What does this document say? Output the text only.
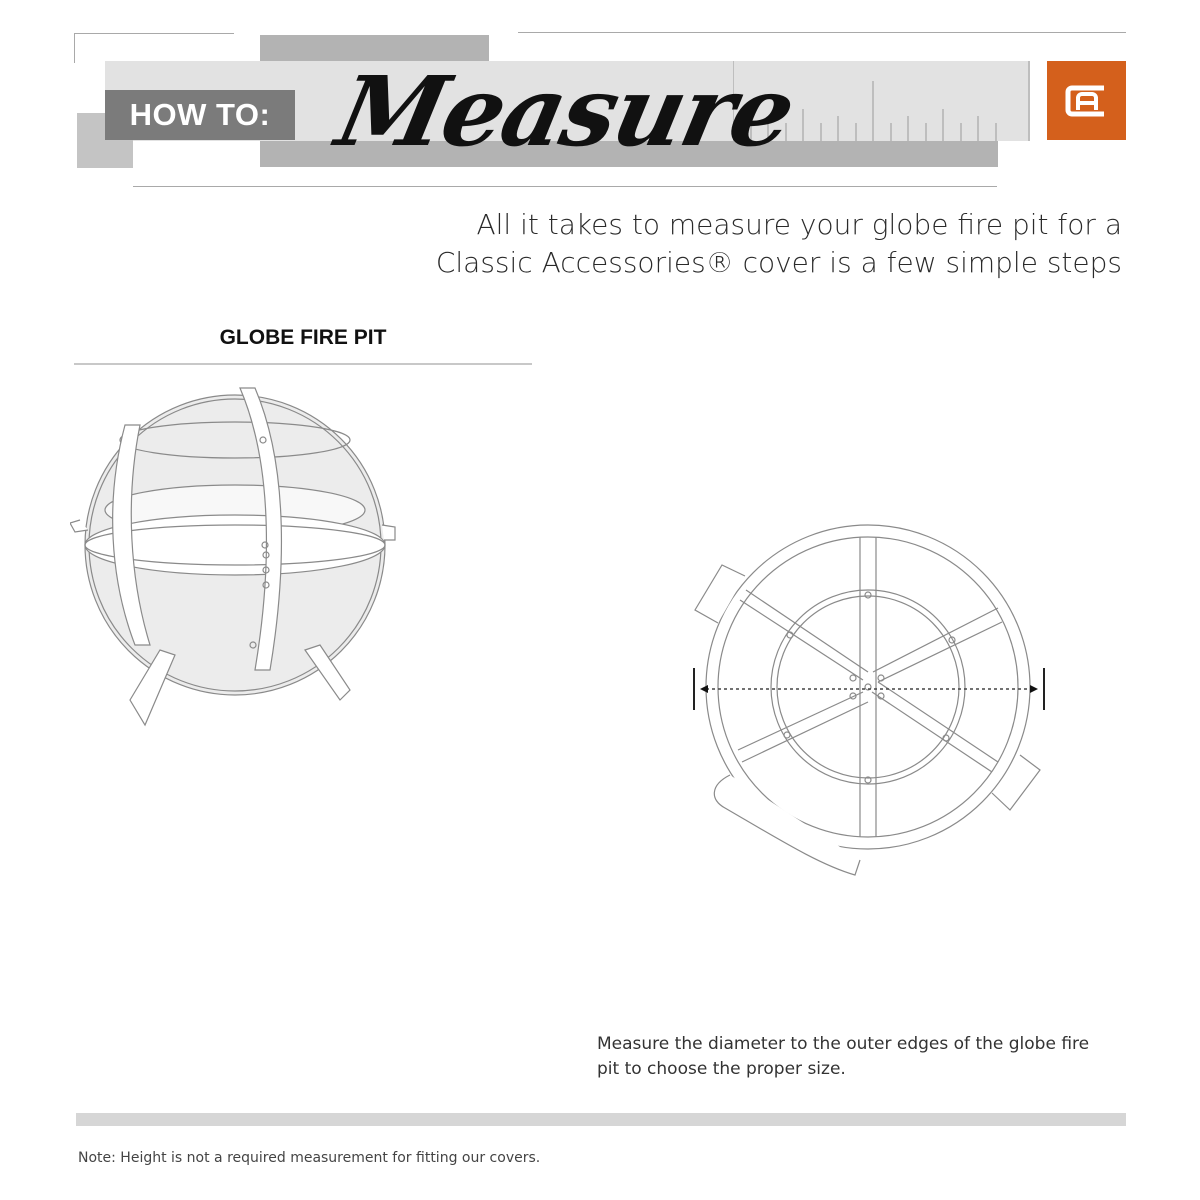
HOW TO: Measure
All it takes to measure your globe fire pit for a
Classic Accessories® cover is a few simple steps
GLOBE FIRE PIT
Measure the diameter to the outer edges of the globe fire
pit to choose the proper size.
Note: Height is not a required measurement for fitting our covers.
